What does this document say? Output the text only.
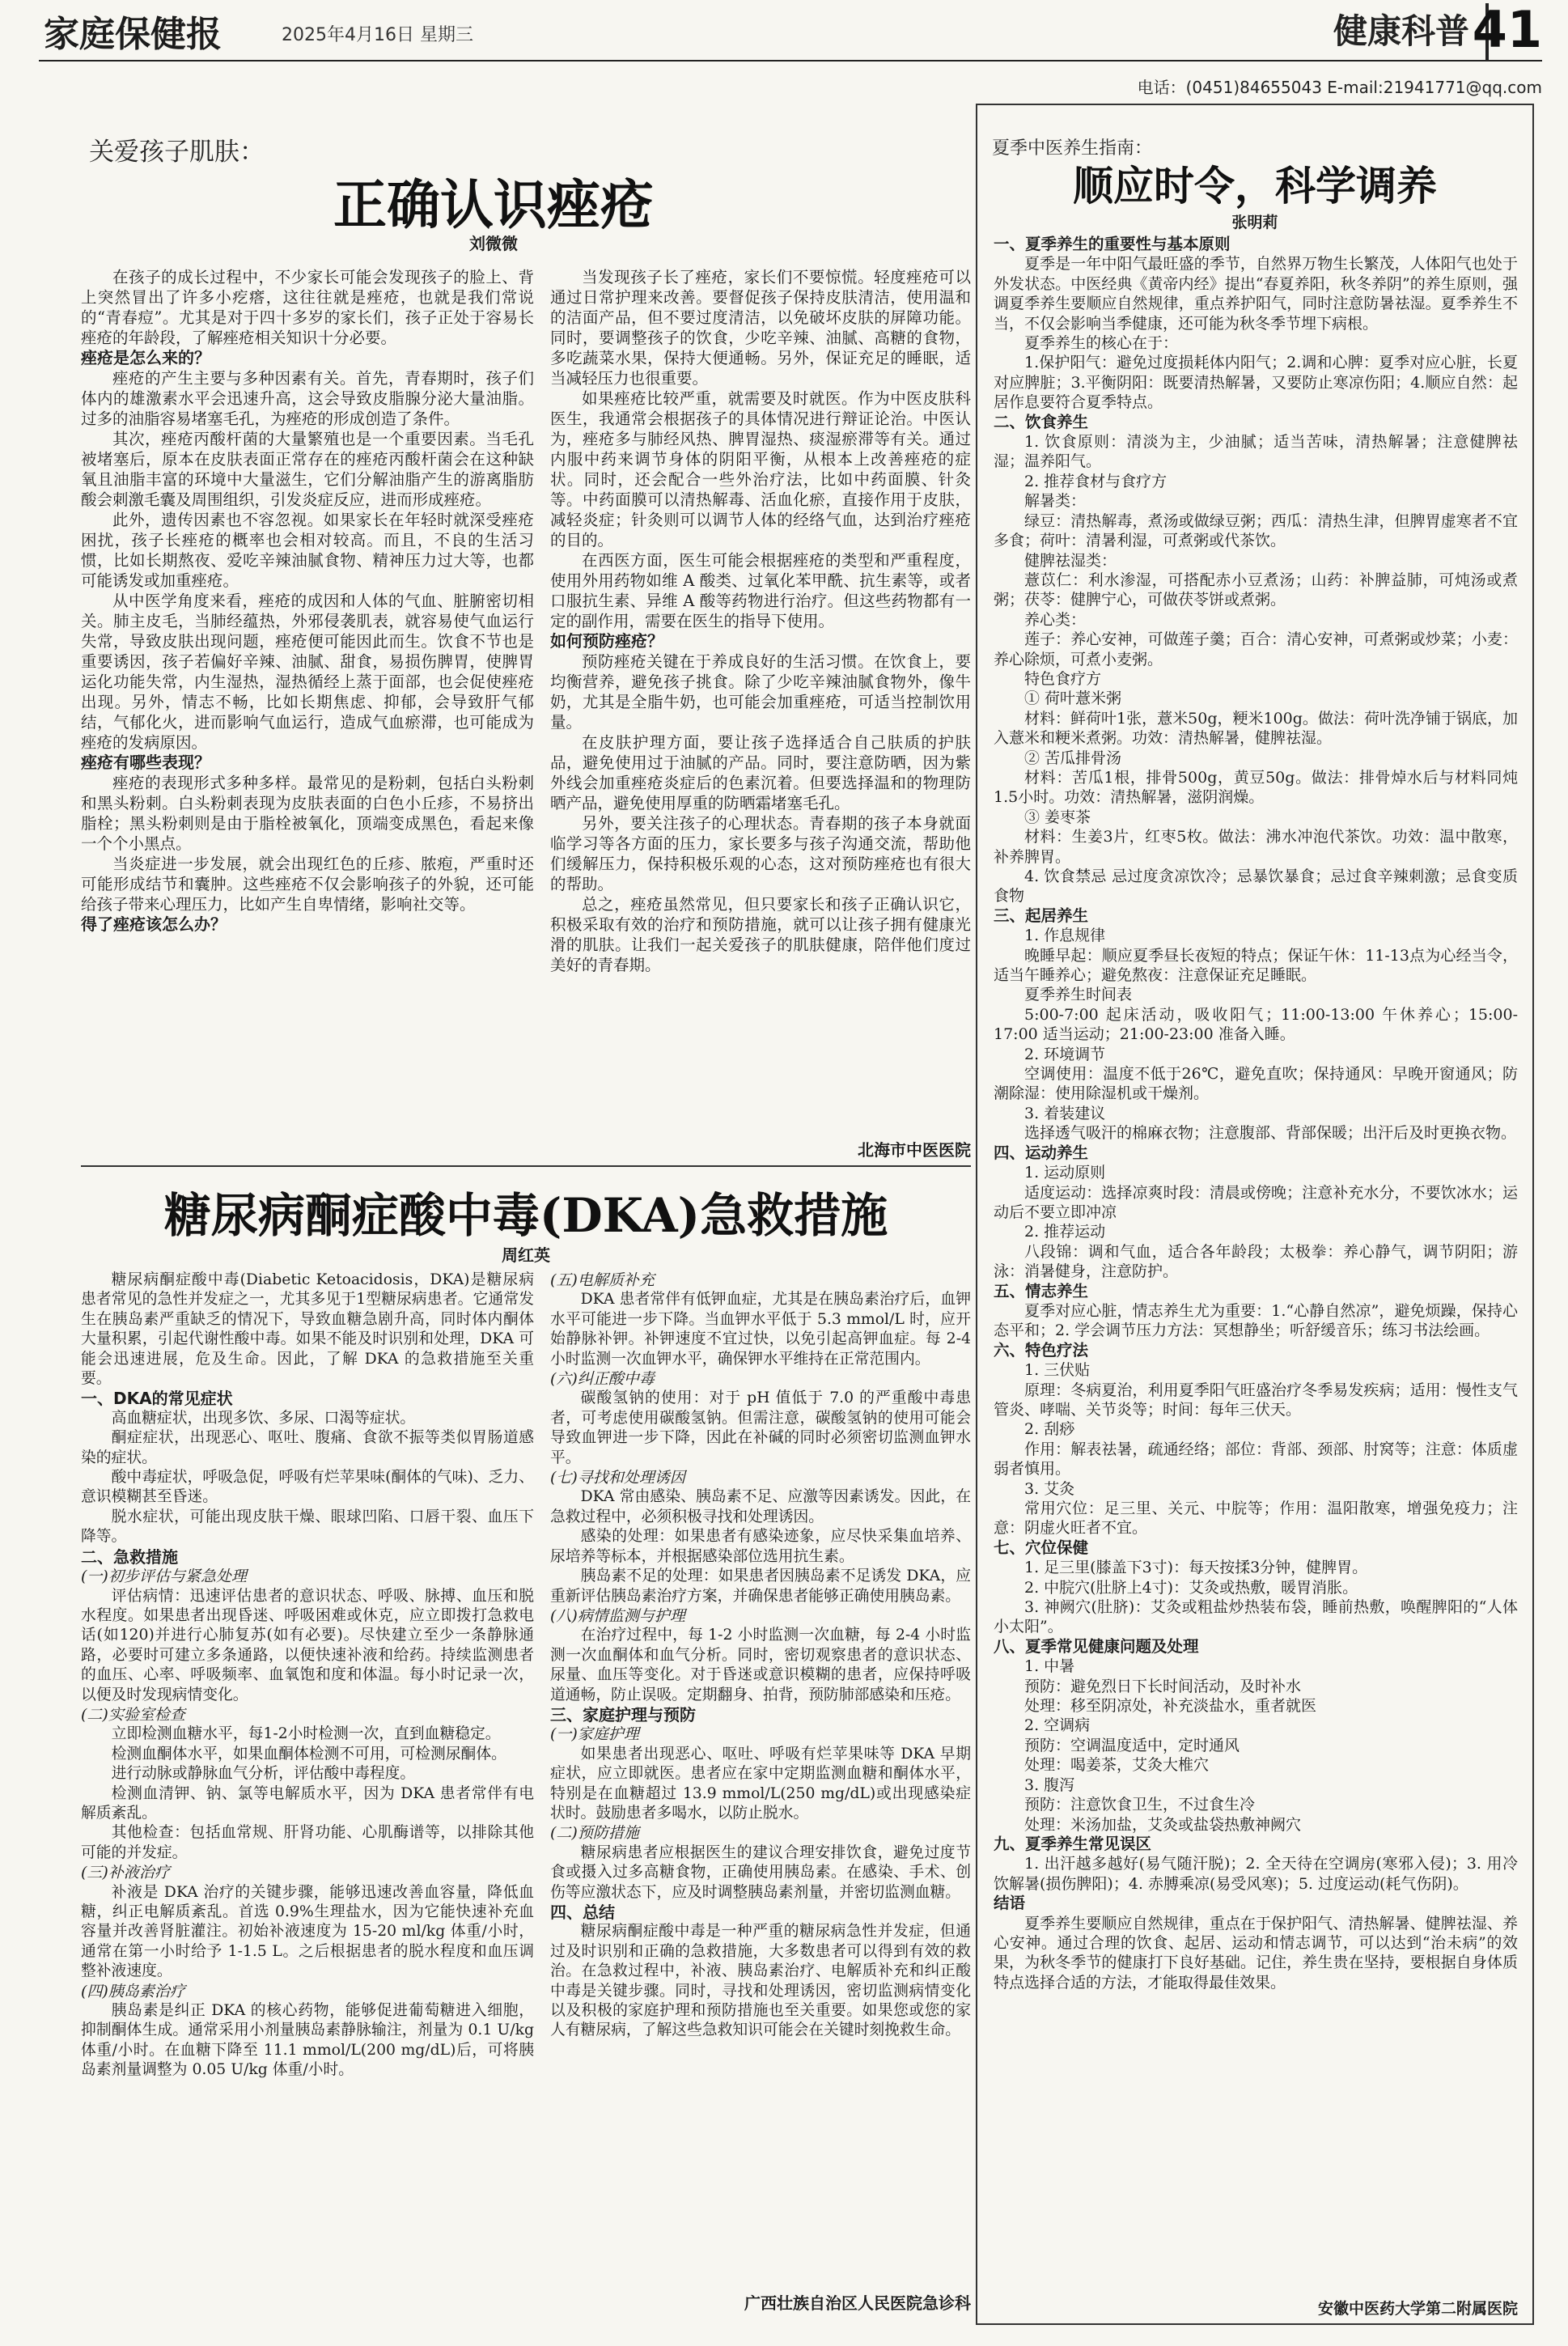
家庭保健报	2025年4月16日 星期三	健康科普 41
电话：(0451)84655043 E-mail:21941771@qq.com
关爱孩子肌肤：
正确认识痤疮
刘微微

在孩子的成长过程中，不少家长可能会发现孩子的脸上、背上突然冒出了许多小疙瘩，这往往就是痤疮，也就是我们常说的“青春痘”。尤其是对于四十多岁的家长们，孩子正处于容易长痤疮的年龄段，了解痤疮相关知识十分必要。

痤疮是怎么来的？

痤疮的产生主要与多种因素有关。首先，青春期时，孩子们体内的雄激素水平会迅速升高，这会导致皮脂腺分泌大量油脂。过多的油脂容易堵塞毛孔，为痤疮的形成创造了条件。

其次，痤疮丙酸杆菌的大量繁殖也是一个重要因素。当毛孔被堵塞后，原本在皮肤表面正常存在的痤疮丙酸杆菌会在这种缺氧且油脂丰富的环境中大量滋生，它们分解油脂产生的游离脂肪酸会刺激毛囊及周围组织，引发炎症反应，进而形成痤疮。

此外，遗传因素也不容忽视。如果家长在年轻时就深受痤疮困扰，孩子长痤疮的概率也会相对较高。而且，不良的生活习惯，比如长期熬夜、爱吃辛辣油腻食物、精神压力过大等，也都可能诱发或加重痤疮。

从中医学角度来看，痤疮的成因和人体的气血、脏腑密切相关。肺主皮毛，当肺经蕴热，外邪侵袭肌表，就容易使气血运行失常，导致皮肤出现问题，痤疮便可能因此而生。饮食不节也是重要诱因，孩子若偏好辛辣、油腻、甜食，易损伤脾胃，使脾胃运化功能失常，内生湿热，湿热循经上蒸于面部，也会促使痤疮出现。另外，情志不畅，比如长期焦虑、抑郁，会导致肝气郁结，气郁化火，进而影响气血运行，造成气血瘀滞，也可能成为痤疮的发病原因。

痤疮有哪些表现？

痤疮的表现形式多种多样。最常见的是粉刺，包括白头粉刺和黑头粉刺。白头粉刺表现为皮肤表面的白色小丘疹，不易挤出脂栓；黑头粉刺则是由于脂栓被氧化，顶端变成黑色，看起来像一个个小黑点。

当炎症进一步发展，就会出现红色的丘疹、脓疱，严重时还可能形成结节和囊肿。这些痤疮不仅会影响孩子的外貌，还可能给孩子带来心理压力，比如产生自卑情绪，影响社交等。

得了痤疮该怎么办？

当发现孩子长了痤疮，家长们不要惊慌。轻度痤疮可以通过日常护理来改善。要督促孩子保持皮肤清洁，使用温和的洁面产品，但不要过度清洁，以免破坏皮肤的屏障功能。同时，要调整孩子的饮食，少吃辛辣、油腻、高糖的食物，多吃蔬菜水果，保持大便通畅。另外，保证充足的睡眠，适当减轻压力也很重要。

如果痤疮比较严重，就需要及时就医。作为中医皮肤科医生，我通常会根据孩子的具体情况进行辩证论治。中医认为，痤疮多与肺经风热、脾胃湿热、痰湿瘀滞等有关。通过内服中药来调节身体的阴阳平衡，从根本上改善痤疮的症状。同时，还会配合一些外治疗法，比如中药面膜、针灸等。中药面膜可以清热解毒、活血化瘀，直接作用于皮肤，减轻炎症；针灸则可以调节人体的经络气血，达到治疗痤疮的目的。

在西医方面，医生可能会根据痤疮的类型和严重程度，使用外用药物如维 A 酸类、过氧化苯甲酰、抗生素等，或者口服抗生素、异维 A 酸等药物进行治疗。但这些药物都有一定的副作用，需要在医生的指导下使用。

如何预防痤疮？

预防痤疮关键在于养成良好的生活习惯。在饮食上，要均衡营养，避免孩子挑食。除了少吃辛辣油腻食物外，像牛奶，尤其是全脂牛奶，也可能会加重痤疮，可适当控制饮用量。

在皮肤护理方面，要让孩子选择适合自己肤质的护肤品，避免使用过于油腻的产品。同时，要注意防晒，因为紫外线会加重痤疮炎症后的色素沉着。但要选择温和的物理防晒产品，避免使用厚重的防晒霜堵塞毛孔。

另外，要关注孩子的心理状态。青春期的孩子本身就面临学习等各方面的压力，家长要多与孩子沟通交流，帮助他们缓解压力，保持积极乐观的心态，这对预防痤疮也有很大的帮助。

总之，痤疮虽然常见，但只要家长和孩子正确认识它，积极采取有效的治疗和预防措施，就可以让孩子拥有健康光滑的肌肤。让我们一起关爱孩子的肌肤健康，陪伴他们度过美好的青春期。

北海市中医医院
糖尿病酮症酸中毒(DKA)急救措施
周红英

糖尿病酮症酸中毒(Diabetic Ketoacidosis，DKA)是糖尿病患者常见的急性并发症之一，尤其多见于1型糖尿病患者。它通常发生在胰岛素严重缺乏的情况下，导致血糖急剧升高，同时体内酮体大量积累，引起代谢性酸中毒。如果不能及时识别和处理，DKA 可能会迅速进展，危及生命。因此，了解 DKA 的急救措施至关重要。

一、DKA的常见症状

高血糖症状，出现多饮、多尿、口渴等症状。

酮症症状，出现恶心、呕吐、腹痛、食欲不振等类似胃肠道感染的症状。

酸中毒症状，呼吸急促，呼吸有烂苹果味(酮体的气味)、乏力、意识模糊甚至昏迷。

脱水症状，可能出现皮肤干燥、眼球凹陷、口唇干裂、血压下降等。

二、急救措施

(一)初步评估与紧急处理

评估病情：迅速评估患者的意识状态、呼吸、脉搏、血压和脱水程度。如果患者出现昏迷、呼吸困难或休克，应立即拨打急救电话(如120)并进行心肺复苏(如有必要)。尽快建立至少一条静脉通路，必要时可建立多条通路，以便快速补液和给药。持续监测患者的血压、心率、呼吸频率、血氧饱和度和体温。每小时记录一次，以便及时发现病情变化。

(二)实验室检查

立即检测血糖水平，每1-2小时检测一次，直到血糖稳定。

检测血酮体水平，如果血酮体检测不可用，可检测尿酮体。

进行动脉或静脉血气分析，评估酸中毒程度。

检测血清钾、钠、氯等电解质水平，因为 DKA 患者常伴有电解质紊乱。

其他检查：包括血常规、肝肾功能、心肌酶谱等，以排除其他可能的并发症。

(三)补液治疗

补液是 DKA 治疗的关键步骤，能够迅速改善血容量，降低血糖，纠正电解质紊乱。首选 0.9%生理盐水，因为它能快速补充血容量并改善肾脏灌注。初始补液速度为 15-20 ml/kg 体重/小时，通常在第一小时给予 1-1.5 L。之后根据患者的脱水程度和血压调整补液速度。

(四)胰岛素治疗

胰岛素是纠正 DKA 的核心药物，能够促进葡萄糖进入细胞，抑制酮体生成。通常采用小剂量胰岛素静脉输注，剂量为 0.1 U/kg 体重/小时。在血糖下降至 11.1 mmol/L(200 mg/dL)后，可将胰岛素剂量调整为 0.05 U/kg 体重/小时。

(五)电解质补充

DKA 患者常伴有低钾血症，尤其是在胰岛素治疗后，血钾水平可能进一步下降。当血钾水平低于 5.3 mmol/L 时，应开始静脉补钾。补钾速度不宜过快，以免引起高钾血症。每 2-4 小时监测一次血钾水平，确保钾水平维持在正常范围内。

(六)纠正酸中毒

碳酸氢钠的使用：对于 pH 值低于 7.0 的严重酸中毒患者，可考虑使用碳酸氢钠。但需注意，碳酸氢钠的使用可能会导致血钾进一步下降，因此在补碱的同时必须密切监测血钾水平。

(七)寻找和处理诱因

DKA 常由感染、胰岛素不足、应激等因素诱发。因此，在急救过程中，必须积极寻找和处理诱因。

感染的处理：如果患者有感染迹象，应尽快采集血培养、尿培养等标本，并根据感染部位选用抗生素。

胰岛素不足的处理：如果患者因胰岛素不足诱发 DKA，应重新评估胰岛素治疗方案，并确保患者能够正确使用胰岛素。

(八)病情监测与护理

在治疗过程中，每 1-2 小时监测一次血糖，每 2-4 小时监测一次血酮体和血气分析。同时，密切观察患者的意识状态、尿量、血压等变化。对于昏迷或意识模糊的患者，应保持呼吸道通畅，防止误吸。定期翻身、拍背，预防肺部感染和压疮。

三、家庭护理与预防

(一)家庭护理

如果患者出现恶心、呕吐、呼吸有烂苹果味等 DKA 早期症状，应立即就医。患者应在家中定期监测血糖和酮体水平，特别是在血糖超过 13.9 mmol/L(250 mg/dL)或出现感染症状时。鼓励患者多喝水，以防止脱水。

(二)预防措施

糖尿病患者应根据医生的建议合理安排饮食，避免过度节食或摄入过多高糖食物，正确使用胰岛素。在感染、手术、创伤等应激状态下，应及时调整胰岛素剂量，并密切监测血糖。

四、总结

糖尿病酮症酸中毒是一种严重的糖尿病急性并发症，但通过及时识别和正确的急救措施，大多数患者可以得到有效的救治。在急救过程中，补液、胰岛素治疗、电解质补充和纠正酸中毒是关键步骤。同时，寻找和处理诱因，密切监测病情变化以及积极的家庭护理和预防措施也至关重要。如果您或您的家人有糖尿病，了解这些急救知识可能会在关键时刻挽救生命。

广西壮族自治区人民医院急诊科
夏季中医养生指南：
顺应时令，科学调养
张明莉

一、夏季养生的重要性与基本原则

夏季是一年中阳气最旺盛的季节，自然界万物生长繁茂，人体阳气也处于外发状态。中医经典《黄帝内经》提出“春夏养阳，秋冬养阴”的养生原则，强调夏季养生要顺应自然规律，重点养护阳气，同时注意防暑祛湿。夏季养生不当，不仅会影响当季健康，还可能为秋冬季节埋下病根。

夏季养生的核心在于：

1.保护阳气：避免过度损耗体内阳气；2.调和心脾：夏季对应心脏，长夏对应脾脏；3.平衡阴阳：既要清热解暑，又要防止寒凉伤阳；4.顺应自然：起居作息要符合夏季特点。

二、饮食养生

1. 饮食原则：清淡为主，少油腻；适当苦味，清热解暑；注意健脾祛湿；温养阳气。

2. 推荐食材与食疗方

解暑类：

绿豆：清热解毒，煮汤或做绿豆粥；西瓜：清热生津，但脾胃虚寒者不宜多食；荷叶：清暑利湿，可煮粥或代茶饮。

健脾祛湿类：

薏苡仁：利水渗湿，可搭配赤小豆煮汤；山药：补脾益肺，可炖汤或煮粥；茯苓：健脾宁心，可做茯苓饼或煮粥。

养心类：

莲子：养心安神，可做莲子羹；百合：清心安神，可煮粥或炒菜；小麦：养心除烦，可煮小麦粥。

特色食疗方

① 荷叶薏米粥

材料：鲜荷叶1张，薏米50g，粳米100g。做法：荷叶洗净铺于锅底，加入薏米和粳米煮粥。功效：清热解暑，健脾祛湿。

② 苦瓜排骨汤

材料：苦瓜1根，排骨500g，黄豆50g。做法：排骨焯水后与材料同炖1.5小时。功效：清热解暑，滋阴润燥。

③ 姜枣茶

材料：生姜3片，红枣5枚。做法：沸水冲泡代茶饮。功效：温中散寒，补养脾胃。

4. 饮食禁忌 忌过度贪凉饮冷；忌暴饮暴食；忌过食辛辣刺激；忌食变质食物

三、起居养生

1. 作息规律

晚睡早起：顺应夏季昼长夜短的特点；保证午休：11-13点为心经当令，适当午睡养心；避免熬夜：注意保证充足睡眠。

夏季养生时间表

5:00-7:00 起床活动，吸收阳气；11:00-13:00 午休养心；15:00-17:00 适当运动；21:00-23:00 准备入睡。

2. 环境调节

空调使用：温度不低于26℃，避免直吹；保持通风：早晚开窗通风；防潮除湿：使用除湿机或干燥剂。

3. 着装建议

选择透气吸汗的棉麻衣物；注意腹部、背部保暖；出汗后及时更换衣物。

四、运动养生

1. 运动原则

适度运动：选择凉爽时段：清晨或傍晚；注意补充水分，不要饮冰水；运动后不要立即冲凉

2. 推荐运动

八段锦：调和气血，适合各年龄段；太极拳：养心静气，调节阴阳；游泳：消暑健身，注意防护。

五、情志养生

夏季对应心脏，情志养生尤为重要：1.“心静自然凉”，避免烦躁，保持心态平和；2. 学会调节压力方法：冥想静坐；听舒缓音乐；练习书法绘画。

六、特色疗法

1. 三伏贴

原理：冬病夏治，利用夏季阳气旺盛治疗冬季易发疾病；适用：慢性支气管炎、哮喘、关节炎等；时间：每年三伏天。

2. 刮痧

作用：解表祛暑，疏通经络；部位：背部、颈部、肘窝等；注意：体质虚弱者慎用。

3. 艾灸

常用穴位：足三里、关元、中脘等；作用：温阳散寒，增强免疫力；注意：阴虚火旺者不宜。

七、穴位保健

1. 足三里(膝盖下3寸)：每天按揉3分钟，健脾胃。

2. 中脘穴(肚脐上4寸)：艾灸或热敷，暖胃消胀。

3. 神阙穴(肚脐)：艾灸或粗盐炒热装布袋，睡前热敷，唤醒脾阳的“人体小太阳”。

八、夏季常见健康问题及处理

1. 中暑

预防：避免烈日下长时间活动，及时补水

处理：移至阴凉处，补充淡盐水，重者就医

2. 空调病

预防：空调温度适中，定时通风

处理：喝姜茶，艾灸大椎穴

3. 腹泻

预防：注意饮食卫生，不过食生冷

处理：米汤加盐，艾灸或盐袋热敷神阙穴

九、夏季养生常见误区

1. 出汗越多越好(易气随汗脱)；2. 全天待在空调房(寒邪入侵)；3. 用冷饮解暑(损伤脾阳)；4. 赤膊乘凉(易受风寒)；5. 过度运动(耗气伤阴)。

结语

夏季养生要顺应自然规律，重点在于保护阳气、清热解暑、健脾祛湿、养心安神。通过合理的饮食、起居、运动和情志调节，可以达到“治未病”的效果，为秋冬季节的健康打下良好基础。记住，养生贵在坚持，要根据自身体质特点选择合适的方法，才能取得最佳效果。

安徽中医药大学第二附属医院
